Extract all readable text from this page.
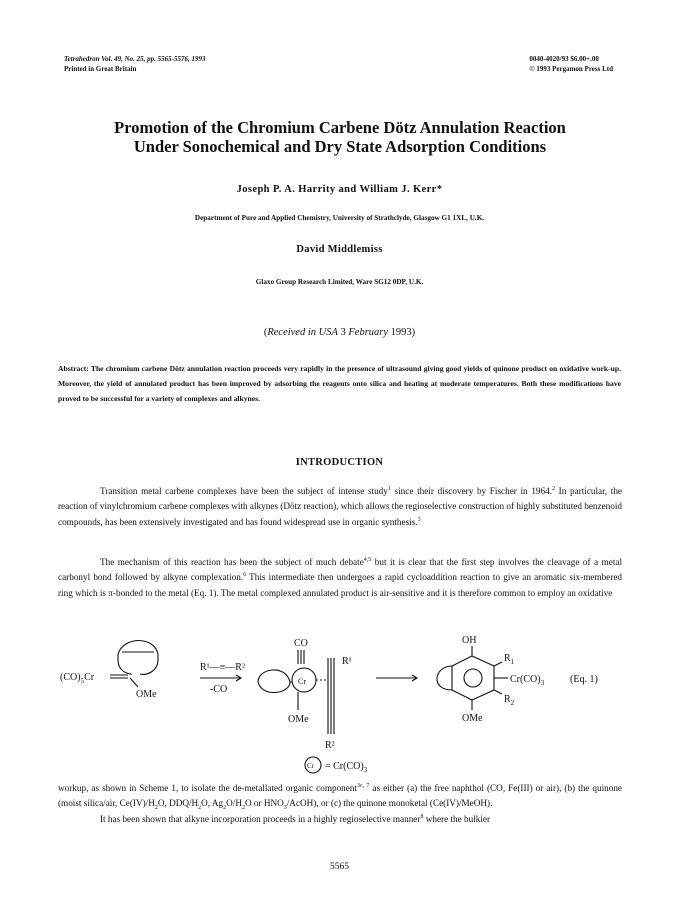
Tetrahedron Vol. 49, No. 25, pp. 5565-5576, 1993
Printed in Great Britain
0040-4020/93 $6.00+.00
© 1993 Pergamon Press Ltd
Promotion of the Chromium Carbene Dötz Annulation Reaction
Under Sonochemical and Dry State Adsorption Conditions
Joseph P. A. Harrity and William J. Kerr*
Department of Pure and Applied Chemistry, University of Strathclyde, Glasgow G1 1XL, U.K.
David Middlemiss
Glaxo Group Research Limited, Ware SG12 0DP, U.K.
(Received in USA 3 February 1993)
Abstract: The chromium carbene Dötz annulation reaction proceeds very rapidly in the presence of ultrasound giving good yields of quinone product on oxidative work-up. Moreover, the yield of annulated product has been improved by adsorbing the reagents onto silica and heating at moderate temperatures. Both these modifications have proved to be successful for a variety of complexes and alkynes.
INTRODUCTION

Transition metal carbene complexes have been the subject of intense study$^1$ since their discovery by Fischer in 1964.$^2$ In particular, the reaction of vinylchromium carbene complexes with alkynes (Dötz reaction), which allows the regioselective construction of highly substituted benzenoid compounds, has been extensively investigated and has found widespread use in organic synthesis.$^3$

The mechanism of this reaction has been the subject of much debate$^{4,5}$ but it is clear that the first step involves the cleavage of a metal carbonyl bond followed by alkyne complexation.$^6$ This intermediate then undergoes a rapid cycloaddition reaction to give an aromatic six-membered ring which is π-bonded to the metal (Eq. 1). The metal complexed annulated product is air-sensitive and it is therefore common to employ an oxidative

$(CO)_5Cr$
OMe
R¹—≡—R²
-CO
CO
R¹
Cr
OMe
R²
OH
$R_1$
$R_2$
OMe
$Cr(CO)_3$	(Eq. 1)
$Cr = Cr(CO)_3$

workup, as shown in Scheme 1, to isolate the de-metallated organic component$^{3c, 7}$ as either (a) the free naphthol (CO, Fe(III) or air), (b) the quinone (moist silica/air, $Ce(IV)/H_2O$, DDQ/$H_2O$, $Ag_2O/H_2O$ or $HNO_3/AcOH$), or (c) the quinone monoketal (Ce(IV)/MeOH).

It has been shown that alkyne incorporation proceeds in a highly regioselective manner$^8$ where the bulkier

5565
